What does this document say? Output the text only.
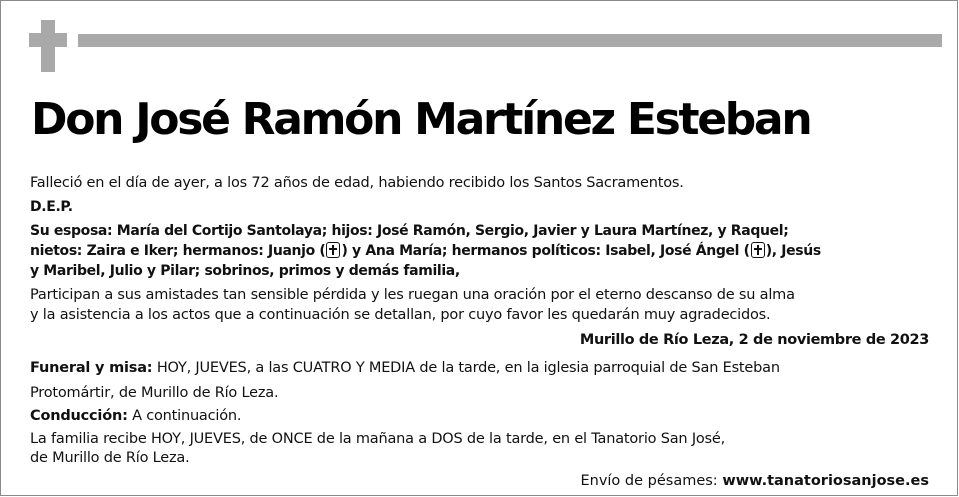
Don José Ramón Martínez Esteban

Falleció en el día de ayer, a los 72 años de edad, habiendo recibido los Santos Sacramentos.

D.E.P.

Su esposa: María del Cortijo Santolaya; hijos: José Ramón, Sergio, Javier y Laura Martínez, y Raquel;

nietos: Zaira e Iker; hermanos: Juanjo ( ) y Ana María; hermanos políticos: Isabel, José Ángel ( ), Jesús

y Maribel, Julio y Pilar; sobrinos, primos y demás familia,

Participan a sus amistades tan sensible pérdida y les ruegan una oración por el eterno descanso de su alma

y la asistencia a los actos que a continuación se detallan, por cuyo favor les quedarán muy agradecidos.

Murillo de Río Leza, 2 de noviembre de 2023

Funeral y misa: HOY, JUEVES, a las CUATRO Y MEDIA de la tarde, en la iglesia parroquial de San Esteban

Protomártir, de Murillo de Río Leza.

Conducción: A continuación.

La familia recibe HOY, JUEVES, de ONCE de la mañana a DOS de la tarde, en el Tanatorio San José,

de Murillo de Río Leza.

Envío de pésames: www.tanatoriosanjose.es
